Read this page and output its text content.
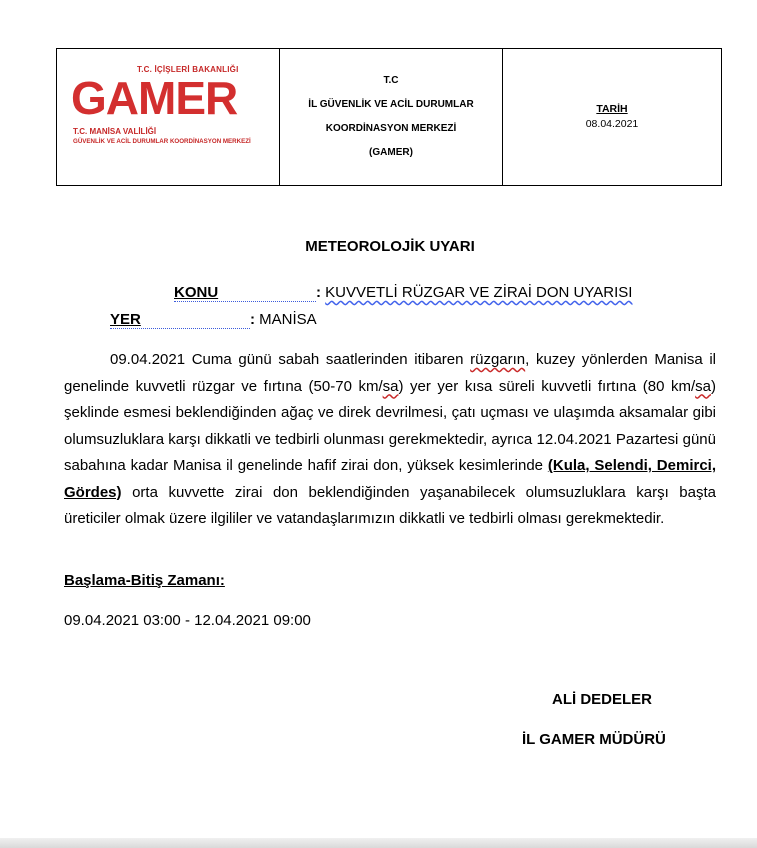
T.C. İÇİŞLERİ BAKANLIĞI
GAMER
T.C. MANİSA VALİLİĞİ
GÜVENLİK VE ACİL DURUMLAR KOORDİNASYON MERKEZİ

T.C
İL GÜVENLİK VE ACİL DURUMLAR
KOORDİNASYON MERKEZİ
(GAMER)

TARİH
08.04.2021
METEOROLOJİK UYARI
KONU	: KUVVETLİ RÜZGAR VE ZİRAİ DON UYARISI
YER	: MANİSA

09.04.2021 Cuma günü sabah saatlerinden itibaren rüzgarın, kuzey yönlerden Manisa il genelinde kuvvetli rüzgar ve fırtına (50-70 km/sa) yer yer kısa süreli kuvvetli fırtına (80 km/sa) şeklinde esmesi beklendiğinden ağaç ve direk devrilmesi, çatı uçması ve ulaşımda aksamalar gibi olumsuzluklara karşı dikkatli ve tedbirli olunması gerekmektedir, ayrıca 12.04.2021 Pazartesi günü sabahına kadar Manisa il genelinde hafif zirai don, yüksek kesimlerinde (Kula, Selendi, Demirci, Gördes) orta kuvvette zirai don beklendiğinden yaşanabilecek olumsuzluklara karşı başta üreticiler olmak üzere ilgililer ve vatandaşlarımızın dikkatli ve tedbirli olması gerekmektedir.

Başlama-Bitiş Zamanı:
09.04.2021 03:00 - 12.04.2021 09:00
ALİ DEDELER
İL GAMER MÜDÜRÜ
